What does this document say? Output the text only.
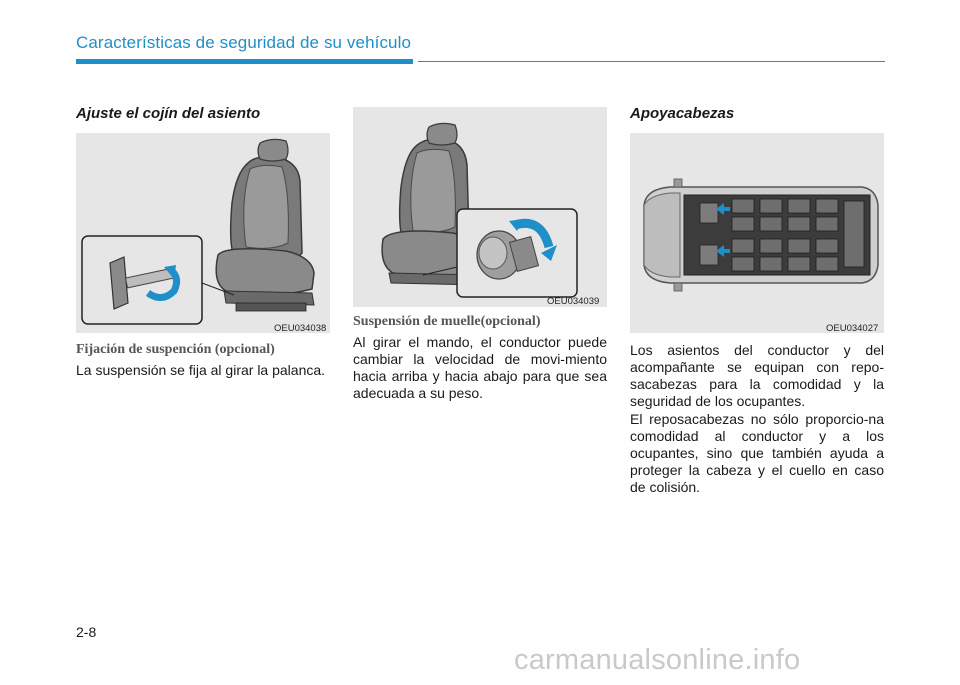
Características de seguridad de su vehículo
Ajuste el cojín del asiento
OEU034038
Fijación de suspención (opcional)
La suspensión se fija al girar la palanca.
OEU034039
Suspensión de muelle(opcional)
Al girar el mando, el conductor puede cambiar la velocidad de movi-miento hacia arriba y hacia abajo para que sea adecuada a su peso.
Apoyacabezas
OEU034027
Los asientos del conductor y del acompañante se equipan con repo-sacabezas para la comodidad y la seguridad de los ocupantes.
El reposacabezas no sólo proporcio-na comodidad al conductor y a los ocupantes, sino que también ayuda a proteger la cabeza y el cuello en caso de colisión.
2-8
carmanualsonline.info
